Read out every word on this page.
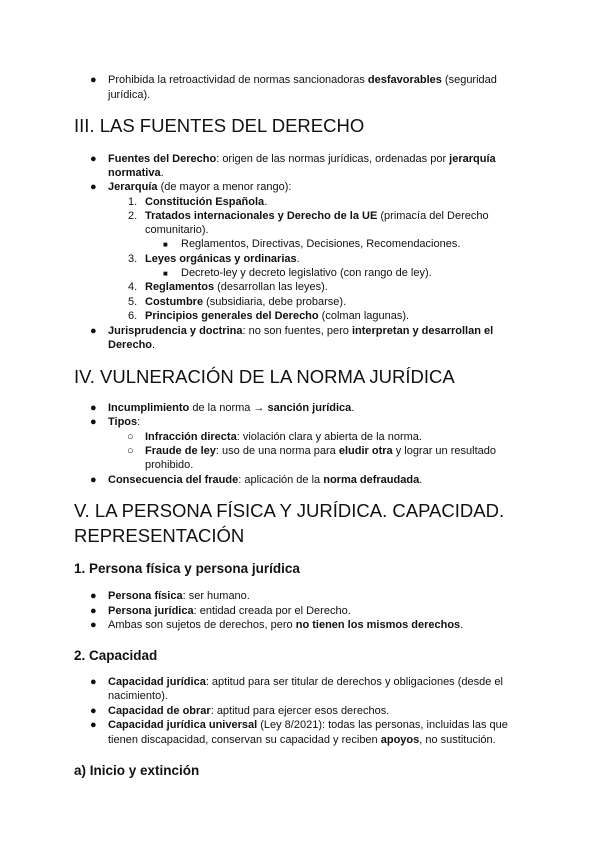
● Prohibida la retroactividad de normas sancionadoras desfavorables (seguridad
jurídica).
III. LAS FUENTES DEL DERECHO
● Fuentes del Derecho: origen de las normas jurídicas, ordenadas por jerarquía
normativa.
● Jerarquía (de mayor a menor rango):
1. Constitución Española.
2. Tratados internacionales y Derecho de la UE (primacía del Derecho
comunitario).
■ Reglamentos, Directivas, Decisiones, Recomendaciones.
3. Leyes orgánicas y ordinarias.
■ Decreto-ley y decreto legislativo (con rango de ley).
4. Reglamentos (desarrollan las leyes).
5. Costumbre (subsidiaria, debe probarse).
6. Principios generales del Derecho (colman lagunas).
● Jurisprudencia y doctrina: no son fuentes, pero interpretan y desarrollan el
Derecho.
IV. VULNERACIÓN DE LA NORMA JURÍDICA
● Incumplimiento de la norma → sanción jurídica.
● Tipos:
○ Infracción directa: violación clara y abierta de la norma.
○ Fraude de ley: uso de una norma para eludir otra y lograr un resultado
prohibido.
● Consecuencia del fraude: aplicación de la norma defraudada.
V. LA PERSONA FÍSICA Y JURÍDICA. CAPACIDAD.
REPRESENTACIÓN
1. Persona física y persona jurídica
● Persona física: ser humano.
● Persona jurídica: entidad creada por el Derecho.
● Ambas son sujetos de derechos, pero no tienen los mismos derechos.
2. Capacidad
● Capacidad jurídica: aptitud para ser titular de derechos y obligaciones (desde el
nacimiento).
● Capacidad de obrar: aptitud para ejercer esos derechos.
● Capacidad jurídica universal (Ley 8/2021): todas las personas, incluidas las que
tienen discapacidad, conservan su capacidad y reciben apoyos, no sustitución.
a) Inicio y extinción
